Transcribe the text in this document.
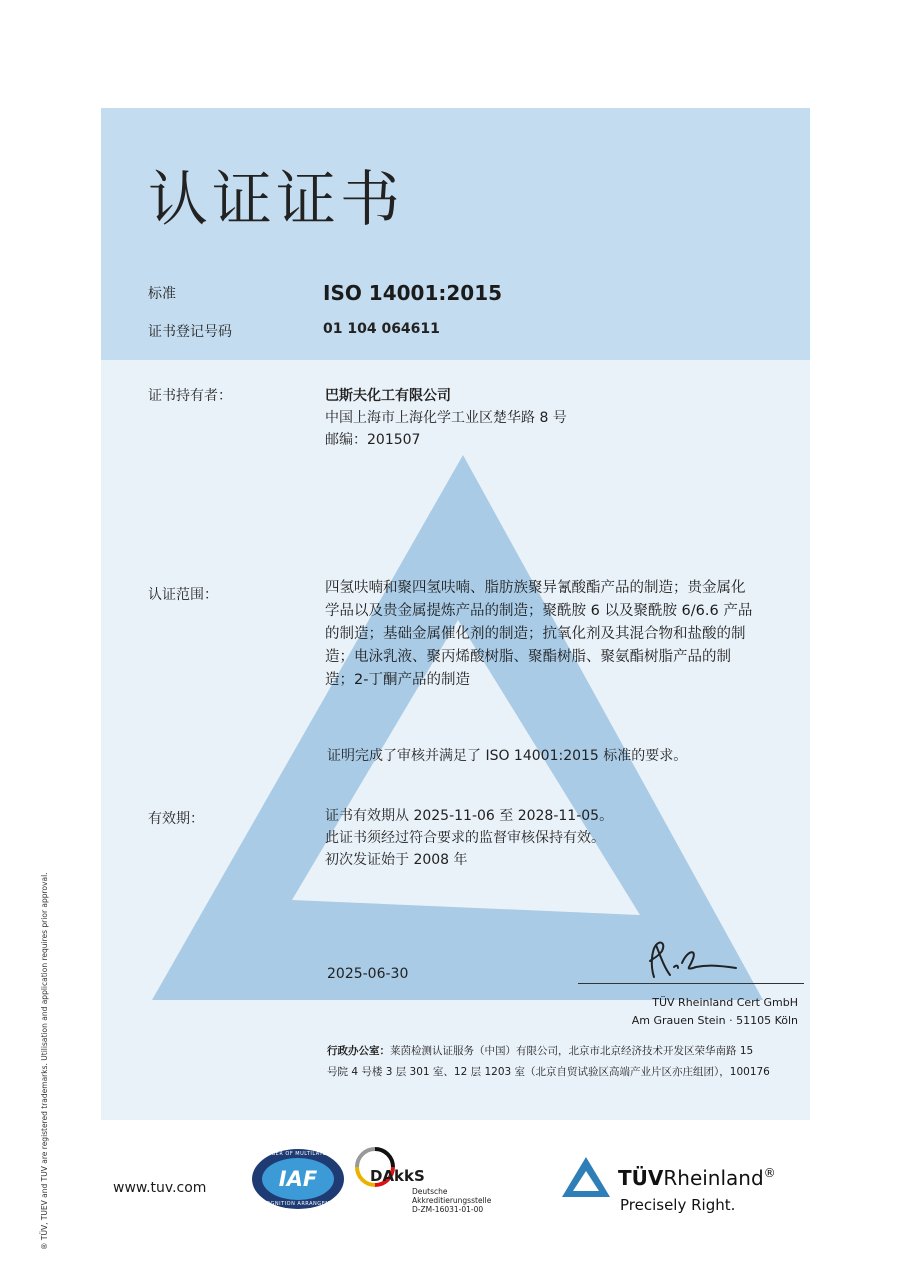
认证证书
标准	ISO 14001:2015
证书登记号码	01 104 064611
证书持有者：	巴斯夫化工有限公司
中国上海市上海化学工业区楚华路 8 号
邮编：201507
认证范围：	四氢呋喃和聚四氢呋喃、脂肪族聚异氰酸酯产品的制造；贵金属化
学品以及贵金属提炼产品的制造；聚酰胺 6 以及聚酰胺 6/6.6 产品
的制造；基础金属催化剂的制造；抗氧化剂及其混合物和盐酸的制
造；电泳乳液、聚丙烯酸树脂、聚酯树脂、聚氨酯树脂产品的制
造；2-丁酮产品的制造
证明完成了审核并满足了 ISO 14001:2015 标准的要求。
有效期：	证书有效期从 2025-11-06 至 2028-11-05。
此证书须经过符合要求的监督审核保持有效。
初次发证始于 2008 年
2025-06-30
TÜV Rheinland Cert GmbH
Am Grauen Stein · 51105 Köln
行政办公室：莱茵检测认证服务（中国）有限公司，北京市北京经济技术开发区荣华南路 15
号院 4 号楼 3 层 301 室、12 层 1203 室（北京自贸试验区高端产业片区亦庄组团），100176
www.tuv.com
MEMBER OF MULTILATERAL
IAF
RECOGNITION ARRANGEMENT
DAkkS
Deutsche
Akkreditierungsstelle
D-ZM-16031-01-00
TÜVRheinland®
Precisely Right.
® TÜV, TUEV and TUV are registered trademarks. Utilisation and application requires prior approval.
